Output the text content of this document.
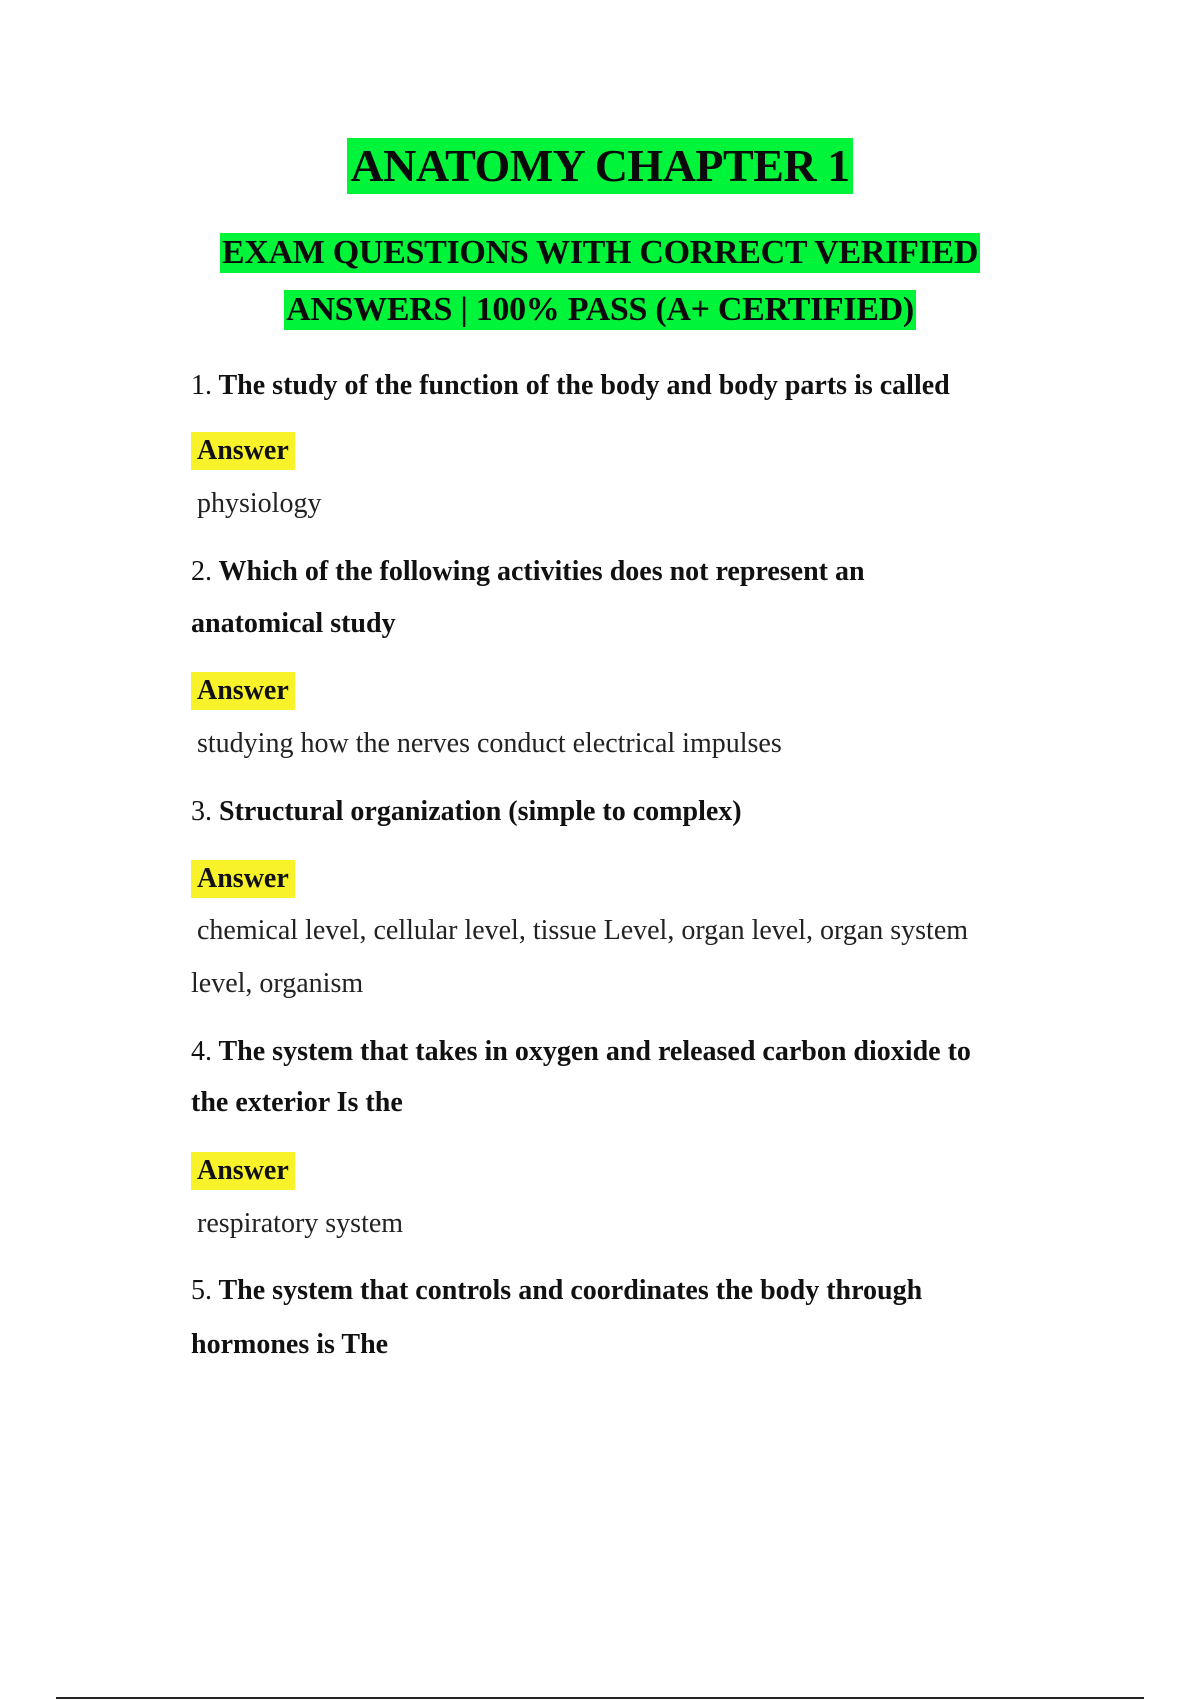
ANATOMY CHAPTER 1
EXAM QUESTIONS WITH CORRECT VERIFIED
ANSWERS | 100% PASS (A+ CERTIFIED)
1. The study of the function of the body and body parts is called
Answer
physiology
2. Which of the following activities does not represent an
anatomical study
Answer
studying how the nerves conduct electrical impulses
3. Structural organization (simple to complex)
Answer
chemical level, cellular level, tissue Level, organ level, organ system
level, organism
4. The system that takes in oxygen and released carbon dioxide to
the exterior Is the
Answer
respiratory system
5. The system that controls and coordinates the body through
hormones is The
